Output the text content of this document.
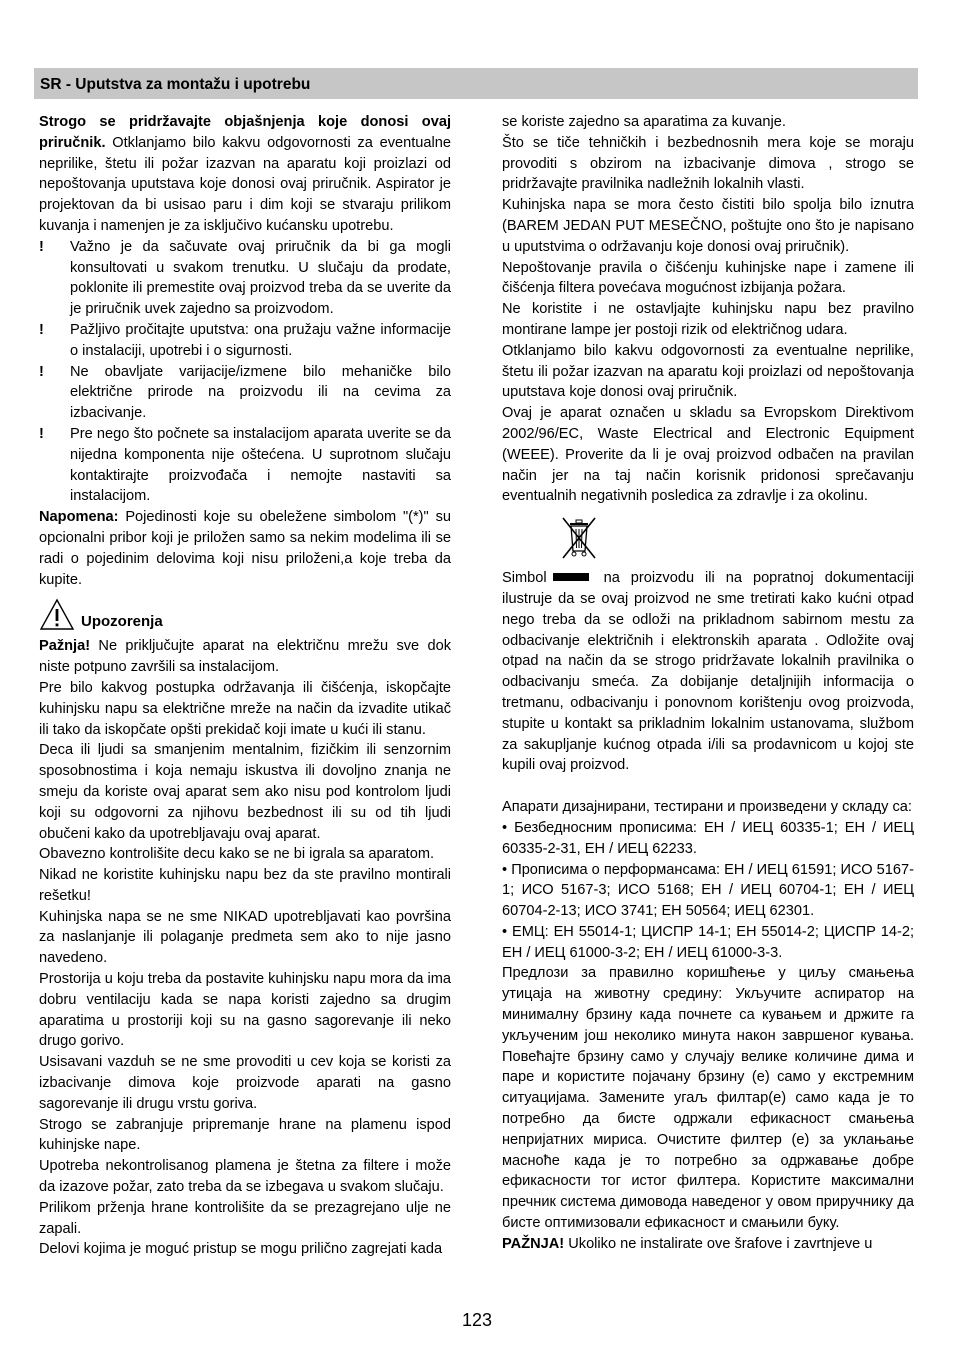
SR - Uputstva za montažu i upotrebu

Strogo se pridržavajte objašnjenja koje donosi ovaj priručnik. Otklanjamo bilo kakvu odgovornosti za eventualne neprilike, štetu ili požar izazvan na aparatu koji proizlazi od nepoštovanja uputstava koje donosi ovaj priručnik. Aspirator je projektovan da bi usisao paru i dim koji se stvaraju prilikom kuvanja i namenjen je za isključivo kućansku upotrebu.

! Važno je da sačuvate ovaj priručnik da bi ga mogli konsultovati u svakom trenutku. U slučaju da prodate, poklonite ili premestite ovaj proizvod treba da se uverite da je priručnik uvek zajedno sa proizvodom.

! Pažljivo pročitajte uputstva: ona pružaju važne informacije o instalaciji, upotrebi i o sigurnosti.

! Ne obavljate varijacije/izmene bilo mehaničke bilo električne prirode na proizvodu ili na cevima za izbacivanje.

! Pre nego što počnete sa instalacijom aparata uverite se da nijedna komponenta nije oštećena. U suprotnom slučaju kontaktirajte proizvođača i nemojte nastaviti sa instalacijom.

Napomena: Pojedinosti koje su obeležene simbolom "(*)" su opcionalni pribor koji je priložen samo sa nekim modelima ili se radi o pojedinim delovima koji nisu priloženi,a koje treba da kupite.

Upozorenja

Pažnja! Ne priključujte aparat na električnu mrežu sve dok niste potpuno završili sa instalacijom.

Pre bilo kakvog postupka održavanja ili čišćenja, iskopčajte kuhinjsku napu sa električne mreže na način da izvadite utikač ili tako da iskopčate opšti prekidač koji imate u kući ili stanu.

Deca ili ljudi sa smanjenim mentalnim, fizičkim ili senzornim sposobnostima i koja nemaju iskustva ili dovoljno znanja ne smeju da koriste ovaj aparat sem ako nisu pod kontrolom ljudi koji su odgovorni za njihovu bezbednost ili su od tih ljudi obučeni kako da upotrebljavaju ovaj aparat.

Obavezno kontrolišite decu kako se ne bi igrala sa aparatom.

Nikad ne koristite kuhinjsku napu bez da ste pravilno montirali rešetku!

Kuhinjska napa se ne sme NIKAD upotrebljavati kao površina za naslanjanje ili polaganje predmeta sem ako to nije jasno navedeno.

Prostorija u koju treba da postavite kuhinjsku napu mora da ima dobru ventilaciju kada se napa koristi zajedno sa drugim aparatima u prostoriji koji su na gasno sagorevanje ili neko drugo gorivo.

Usisavani vazduh se ne sme provoditi u cev koja se koristi za izbacivanje dimova koje proizvode aparati na gasno sagorevanje ili drugu vrstu goriva.

Strogo se zabranjuje pripremanje hrane na plamenu ispod kuhinjske nape.

Upotreba nekontrolisanog plamena je štetna za filtere i može da izazove požar, zato treba da se izbegava u svakom slučaju.

Prilikom prženja hrane kontrolišite da se prezagrejano ulje ne zapali.

Delovi kojima je moguć pristup se mogu prilično zagrejati kada

se koriste zajedno sa aparatima za kuvanje.

Što se tiče tehničkih i bezbednosnih mera koje se moraju provoditi s obzirom na izbacivanje dimova , strogo se pridržavajte pravilnika nadležnih lokalnih vlasti.

Kuhinjska napa se mora često čistiti bilo spolja bilo iznutra (BAREM JEDAN PUT MESEČNO, poštujte ono što je napisano u uputstvima o održavanju koje donosi ovaj priručnik).

Nepoštovanje pravila o čišćenju kuhinjske nape i zamene ili čišćenja filtera povećava mogućnost izbijanja požara.

Ne koristite i ne ostavljajte kuhinjsku napu bez pravilno montirane lampe jer postoji rizik od električnog udara.

Otklanjamo bilo kakvu odgovornosti za eventualne neprilike, štetu ili požar izazvan na aparatu koji proizlazi od nepoštovanja uputstava koje donosi ovaj priručnik.

Ovaj je aparat označen u skladu sa Evropskom Direktivom 2002/96/EC, Waste Electrical and Electronic Equipment (WEEE). Proverite da li je ovaj proizvod odbačen na pravilan način jer na taj način korisnik pridonosi sprečavanju eventualnih negativnih posledica za zdravlje i za okolinu.

Simbol	na proizvodu ili na popratnoj dokumentaciji ilustruje da se ovaj proizvod ne sme tretirati kako kućni otpad nego treba da se odloži na prikladnom sabirnom mestu za odbacivanje električnih i elektronskih aparata . Odložite ovaj otpad na način da se strogo pridržavate lokalnih pravilnika o odbacivanju smeća. Za dobijanje detaljnijih informacija o tretmanu, odbacivanju i ponovnom korištenju ovog proizvoda, stupite u kontakt sa prikladnim lokalnim ustanovama, službom za sakupljanje kućnog otpada i/ili sa prodavnicom u kojoj ste kupili ovaj proizvod.

Апарати дизајнирани, тестирани и произведени у складу са:

• Безбедносним прописима: ЕН / ИЕЦ 60335-1; ЕН / ИЕЦ 60335-2-31, ЕН / ИЕЦ 62233.

• Прописима о перформансама: ЕН / ИЕЦ 61591; ИСО 5167-1; ИСО 5167-3; ИСО 5168; ЕН / ИЕЦ 60704-1; ЕН / ИЕЦ 60704-2-13; ИСО 3741; ЕН 50564; ИЕЦ 62301.

• ЕМЦ: ЕН 55014-1; ЦИСПР 14-1; ЕН 55014-2; ЦИСПР 14-2; ЕН / ИЕЦ 61000-3-2; ЕН / ИЕЦ 61000-3-3.

Предлози за правилно коришћење у циљу смањења утицаја на животну средину: Укључите аспиратор на минималну брзину када почнете са кувањем и држите га укљученим још неколико минута након завршеног кувања. Повећајте брзину само у случају велике количине дима и паре и користите појачану брзину (е) само у екстремним ситуацијама. Замените угаљ филтар(е) само када је то потребно да бисте одржали ефикасност смањења непријатних мириса. Очистите филтер (е) за уклањање масноће када је то потребно за одржавање добре ефикасности тог истог филтера. Користите максимални пречник система димовода наведеног у овом приручнику да бисте оптимизовали ефикасност и смањили буку.

PAŽNJA! Ukoliko ne instalirate ove šrafove i zavrtnjeve u

123
